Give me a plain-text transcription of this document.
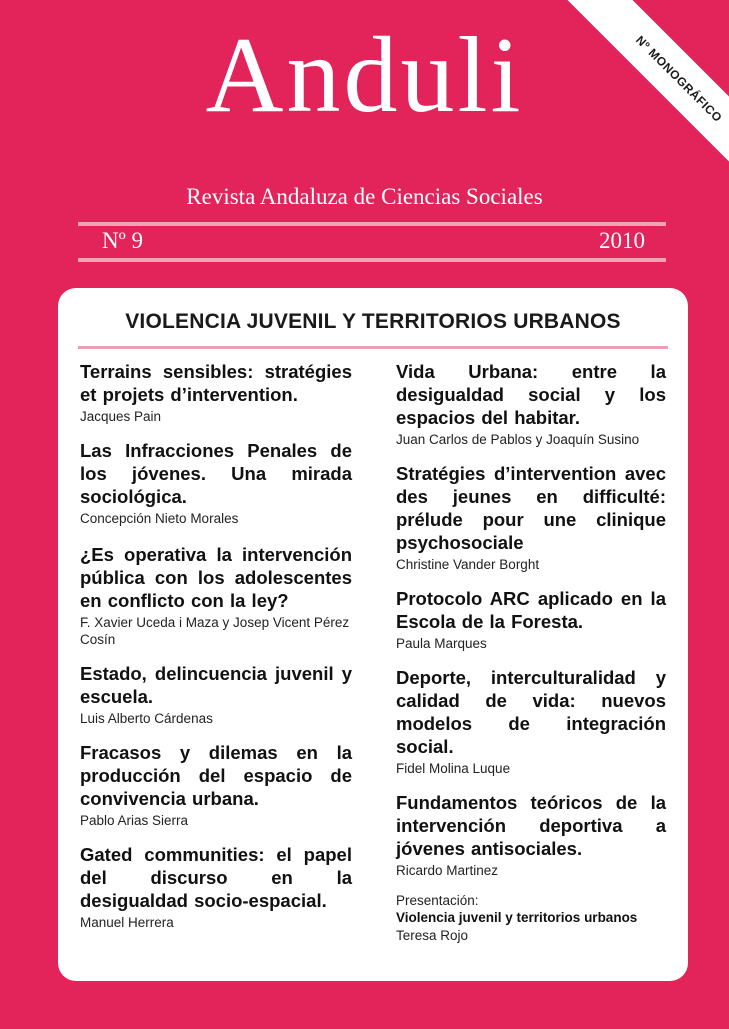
Nº MONOGRÁFICO
Anduli
Revista Andaluza de Ciencias Sociales
Nº 9	2010
VIOLENCIA JUVENIL Y TERRITORIOS URBANOS
Terrains sensibles: stratégies et projets d’intervention.
Jacques Pain
Las Infracciones Penales de los jóvenes. Una mirada sociológica.
Concepción Nieto Morales
¿Es operativa la intervención pública con los adolescentes en conflicto con la ley?
F. Xavier Uceda i Maza y Josep Vicent Pérez Cosín
Estado, delincuencia juvenil y escuela.
Luis Alberto Cárdenas
Fracasos y dilemas en la producción del espacio de convivencia urbana.
Pablo Arias Sierra
Gated communities: el papel del discurso en la desigualdad socio-espacial.
Manuel Herrera
Vida Urbana: entre la desigualdad social y los espacios del habitar.
Juan Carlos de Pablos y Joaquín Susino
Stratégies d’intervention avec des jeunes en difficulté: prélude pour une clinique psychosociale
Christine Vander Borght
Protocolo ARC aplicado en la Escola de la Foresta.
Paula Marques
Deporte, interculturalidad y calidad de vida: nuevos modelos de integración social.
Fidel Molina Luque
Fundamentos teóricos de la intervención deportiva a jóvenes antisociales.
Ricardo Martinez
Presentación:
Violencia juvenil y territorios urbanos
Teresa Rojo
